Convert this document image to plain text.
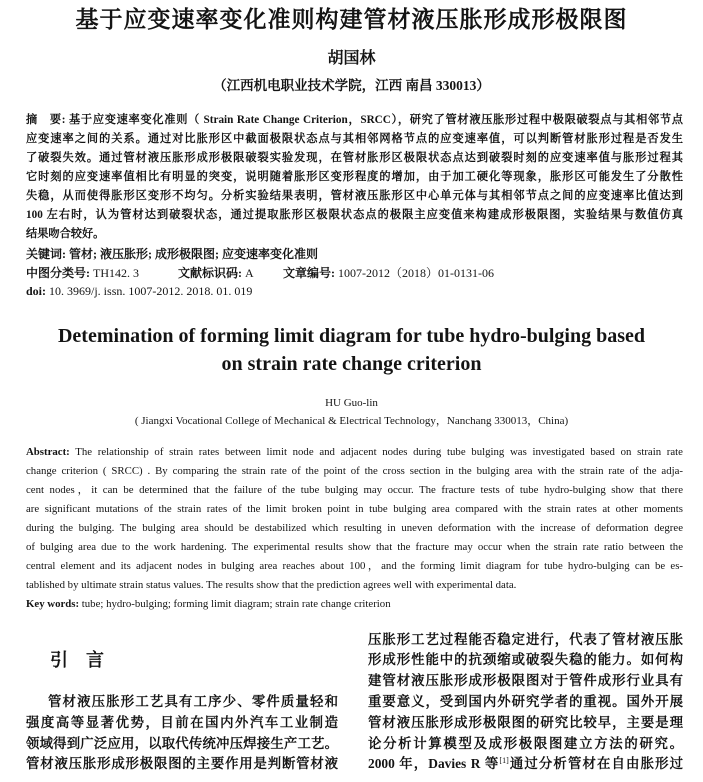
基于应变速率变化准则构建管材液压胀形成形极限图
胡国林
（江西机电职业技术学院，江西 南昌 330013）
摘　要: 基于应变速率变化准则（ Strain Rate Change Criterion，SRCC），研究了管材液压胀形过程中极限破裂点与其相邻节点
应变速率之间的关系。通过对比胀形区中截面极限状态点与其相邻网格节点的应变速率值，可以判断管材胀形过程是否发生
了破裂失效。通过管材液压胀形成形极限破裂实验发现，在管材胀形区极限状态点达到破裂时刻的应变速率值与胀形过程其
它时刻的应变速率值相比有明显的突变，说明随着胀形区变形程度的增加，由于加工硬化等现象，胀形区可能发生了分散性
失稳，从而使得胀形区变形不均匀。分析实验结果表明，管材液压胀形区中心单元体与其相邻节点之间的应变速率比值达到
100 左右时，认为管材达到破裂状态，通过提取胀形区极限状态点的极限主应变值来构建成形极限图，实验结果与数值仿真
结果吻合较好。
关键词: 管材; 液压胀形; 成形极限图; 应变速率变化准则
中图分类号: TH142. 3	文献标识码: A 文章编号: 1007-2012（2018）01-0131-06
doi: 10. 3969/j. issn. 1007-2012. 2018. 01. 019
Detemination of forming limit diagram for tube hydro-bulging based
on strain rate change criterion
HU Guo-lin
( Jiangxi Vocational College of Mechanical & Electrical Technology，Nanchang 330013，China)
Abstract: The relationship of strain rates between limit node and adjacent nodes during tube bulging was investigated based on strain rate
change criterion ( SRCC) . By comparing the strain rate of the point of the cross section in the bulging area with the strain rate of the adja-
cent nodes，it can be determined that the failure of the tube bulging may occur. The fracture tests of tube hydro-bulging show that there
are significant mutations of the strain rates of the limit broken point in tube bulging area compared with the strain rates at other moments
during the bulging. The bulging area should be destabilized which resulting in uneven deformation with the increase of deformation degree
of bulging area due to the work hardening. The experimental results show that the fracture may occur when the strain rate ratio between the
central element and its adjacent nodes in bulging area reaches about 100，and the forming limit diagram for tube hydro-bulging can be es-
tablished by ultimate strain status values. The results show that the prediction agrees well with experimental data.
Key words: tube; hydro-bulging; forming limit diagram; strain rate change criterion
引　言
管材液压胀形工艺具有工序少、零件质量轻和
强度高等显著优势，目前在国内外汽车工业制造
领域得到广泛应用，以取代传统冲压焊接生产工艺。
管材液压胀形成形极限图的主要作用是判断管材液
压胀形工艺过程能否稳定进行，代表了管材液压胀
形成形性能中的抗颈缩或破裂失稳的能力。如何构
建管材液压胀形成形极限图对于管件成形行业具有
重要意义，受到国内外研究学者的重视。国外开展
管材液压胀形成形极限图的研究比较早，主要是理
论分析计算模型及成形极限图建立方法的研究。
2000 年，Davies R 等[1]通过分析管材在自由胀形过
